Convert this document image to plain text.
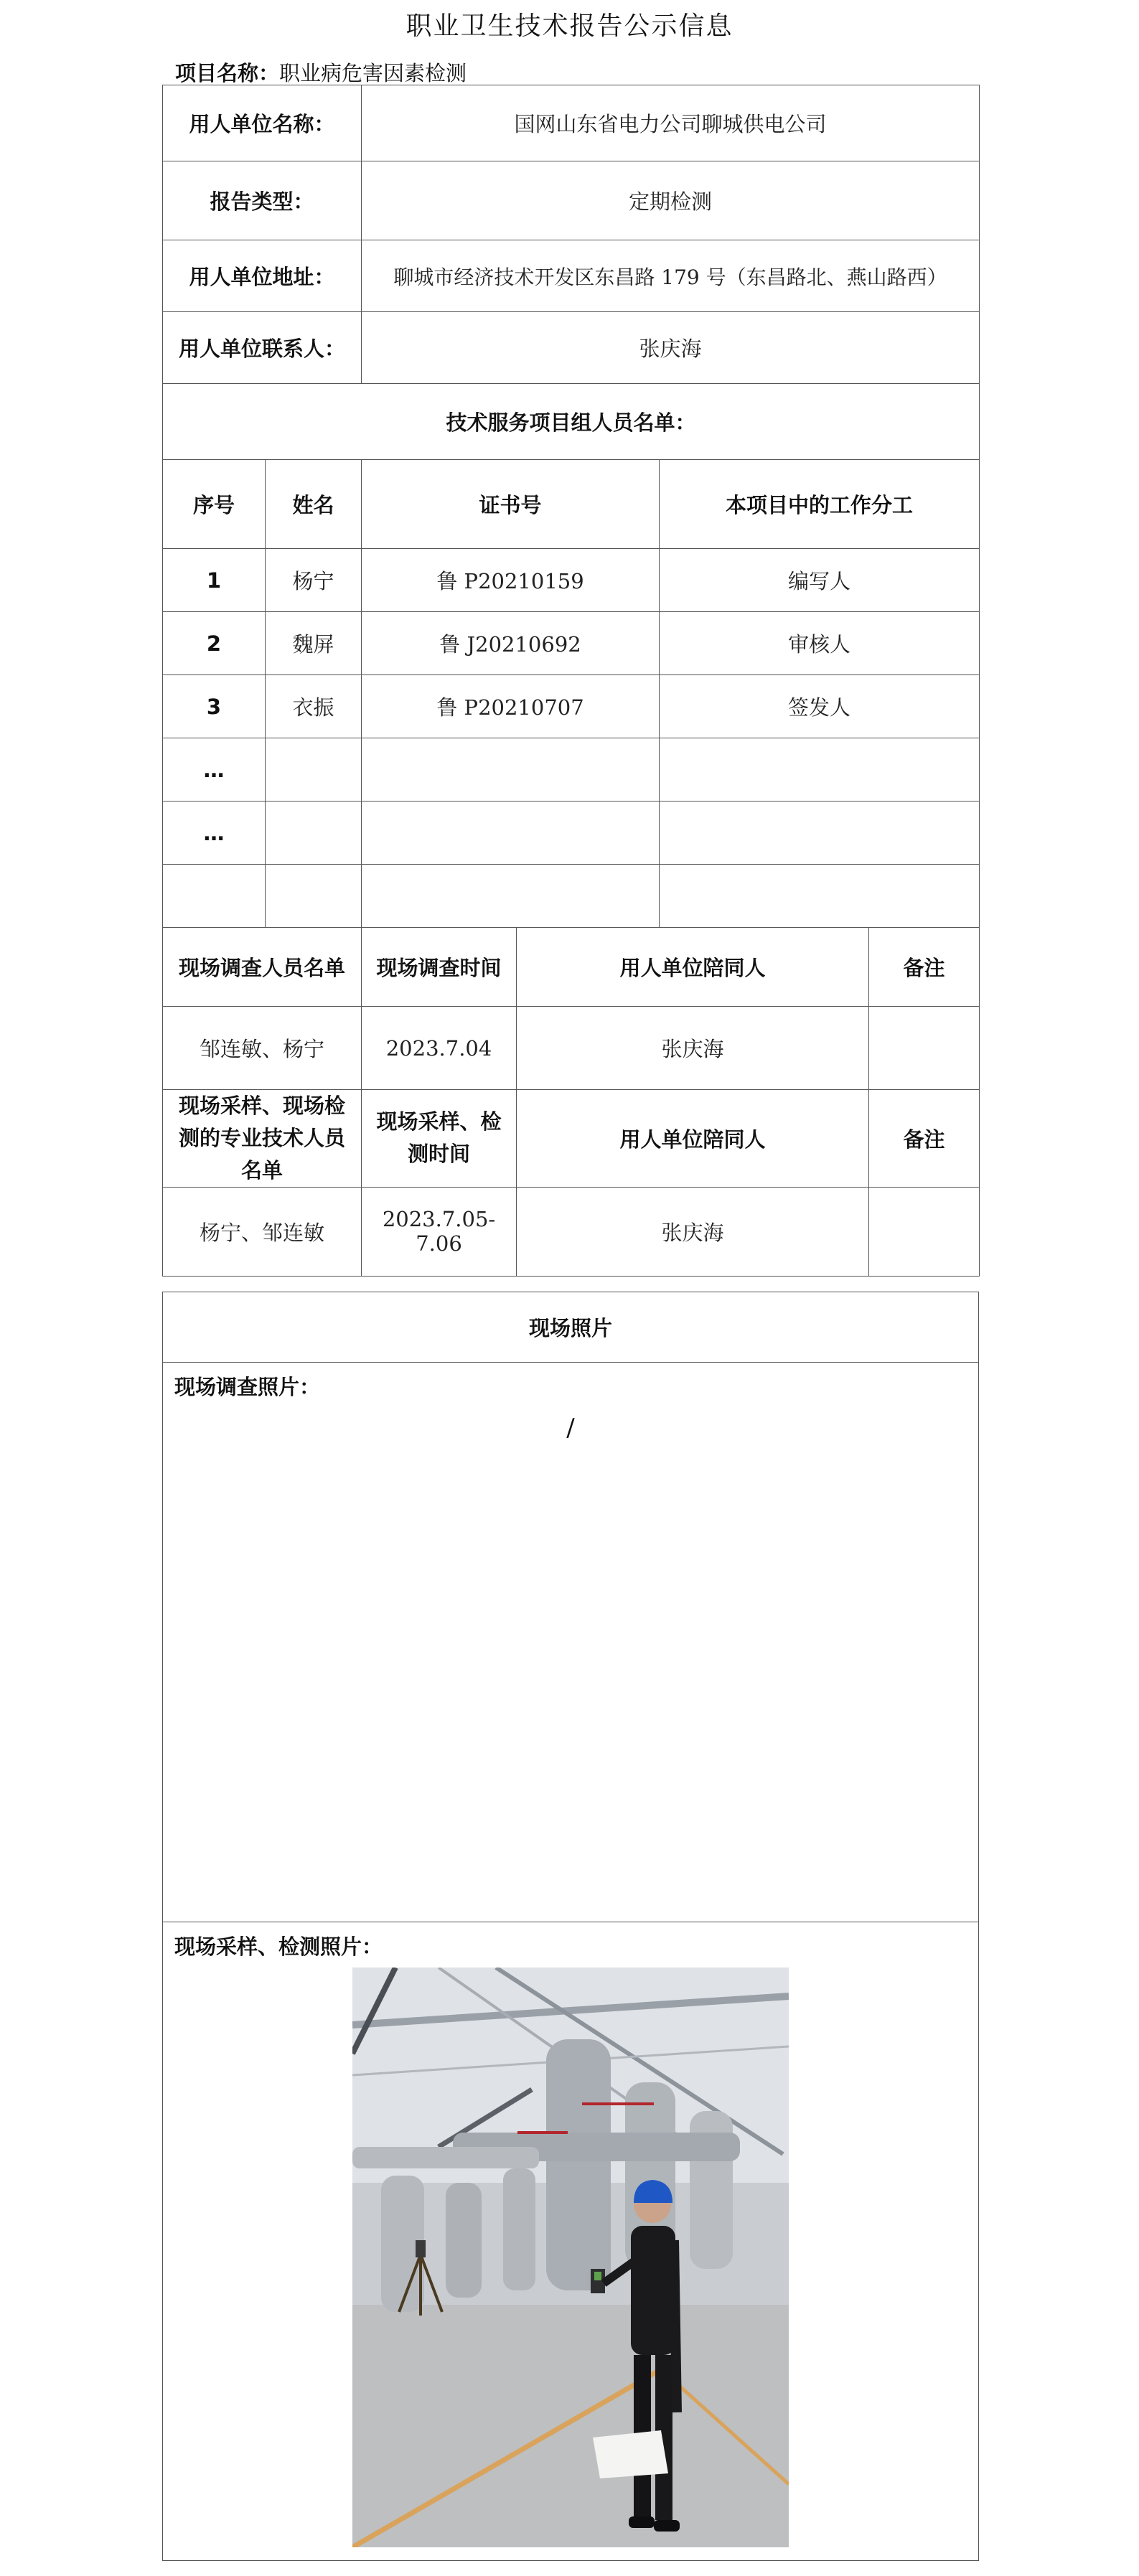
职业卫生技术报告公示信息
项目名称：职业病危害因素检测
用人单位名称：		国网山东省电力公司聊城供电公司			
报告类型：		定期检测			
用人单位地址：		聊城市经济技术开发区东昌路 179 号（东昌路北、燕山路西）			
用人单位联系人：		张庆海			
技术服务项目组人员名单：					
序号	姓名	证书号		本项目中的工作分工	
1	杨宁	鲁 P20210159		编写人	
2	魏屏	鲁 J20210692		审核人	
3	衣振	鲁 P20210707		签发人	
…					
…					

现场调查人员名单		现场调查时间	用人单位陪同人		备注
邹连敏、杨宁		2023.7.04	张庆海		
现场采样、现场检测的专业技术人员名单		现场采样、检测时间	用人单位陪同人		备注
杨宁、邹连敏		2023.7.05-7.06	张庆海		
现场照片

现场调查照片：
/

现场采样、检测照片：
